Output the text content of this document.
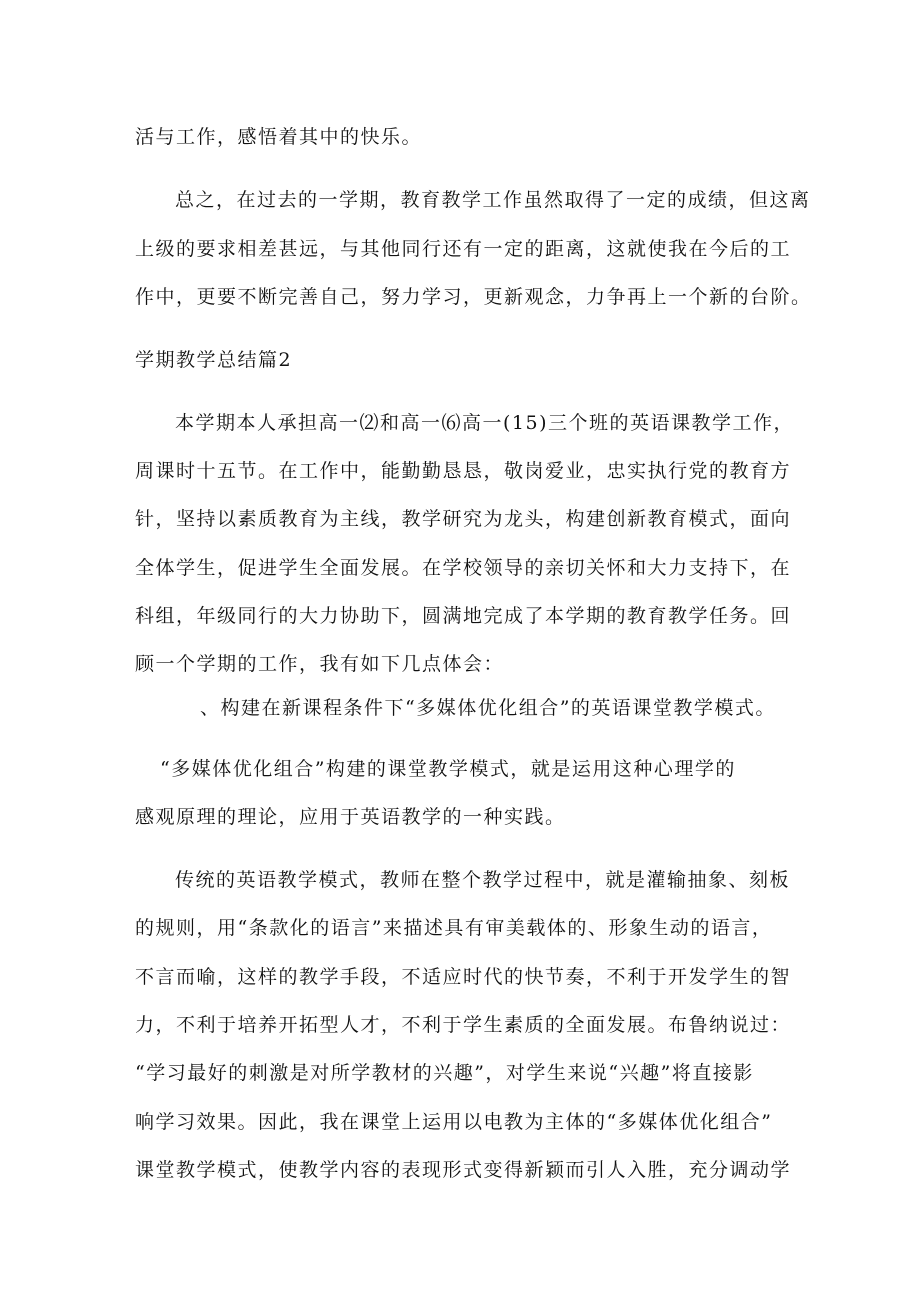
活与工作，感悟着其中的快乐。
总之，在过去的一学期，教育教学工作虽然取得了一定的成绩，但这离
上级的要求相差甚远，与其他同行还有一定的距离，这就使我在今后的工
作中，更要不断完善自己，努力学习，更新观念，力争再上一个新的台阶。
学期教学总结篇2
本学期本人承担高一⑵和高一⑹高一(15)三个班的英语课教学工作，
周课时十五节。在工作中，能勤勤恳恳，敬岗爱业，忠实执行党的教育方
针，坚持以素质教育为主线，教学研究为龙头，构建创新教育模式，面向
全体学生，促进学生全面发展。在学校领导的亲切关怀和大力支持下，在
科组，年级同行的大力协助下，圆满地完成了本学期的教育教学任务。回
顾一个学期的工作，我有如下几点体会：
、构建在新课程条件下“多媒体优化组合”的英语课堂教学模式。
“多媒体优化组合”构建的课堂教学模式，就是运用这种心理学的
感观原理的理论，应用于英语教学的一种实践。
传统的英语教学模式，教师在整个教学过程中，就是灌输抽象、刻板
的规则，用“条款化的语言”来描述具有审美载体的、形象生动的语言，
不言而喻，这样的教学手段，不适应时代的快节奏，不利于开发学生的智
力，不利于培养开拓型人才，不利于学生素质的全面发展。布鲁纳说过：
“学习最好的刺激是对所学教材的兴趣”，对学生来说“兴趣”将直接影
响学习效果。因此，我在课堂上运用以电教为主体的“多媒体优化组合”
课堂教学模式，使教学内容的表现形式变得新颖而引人入胜，充分调动学
